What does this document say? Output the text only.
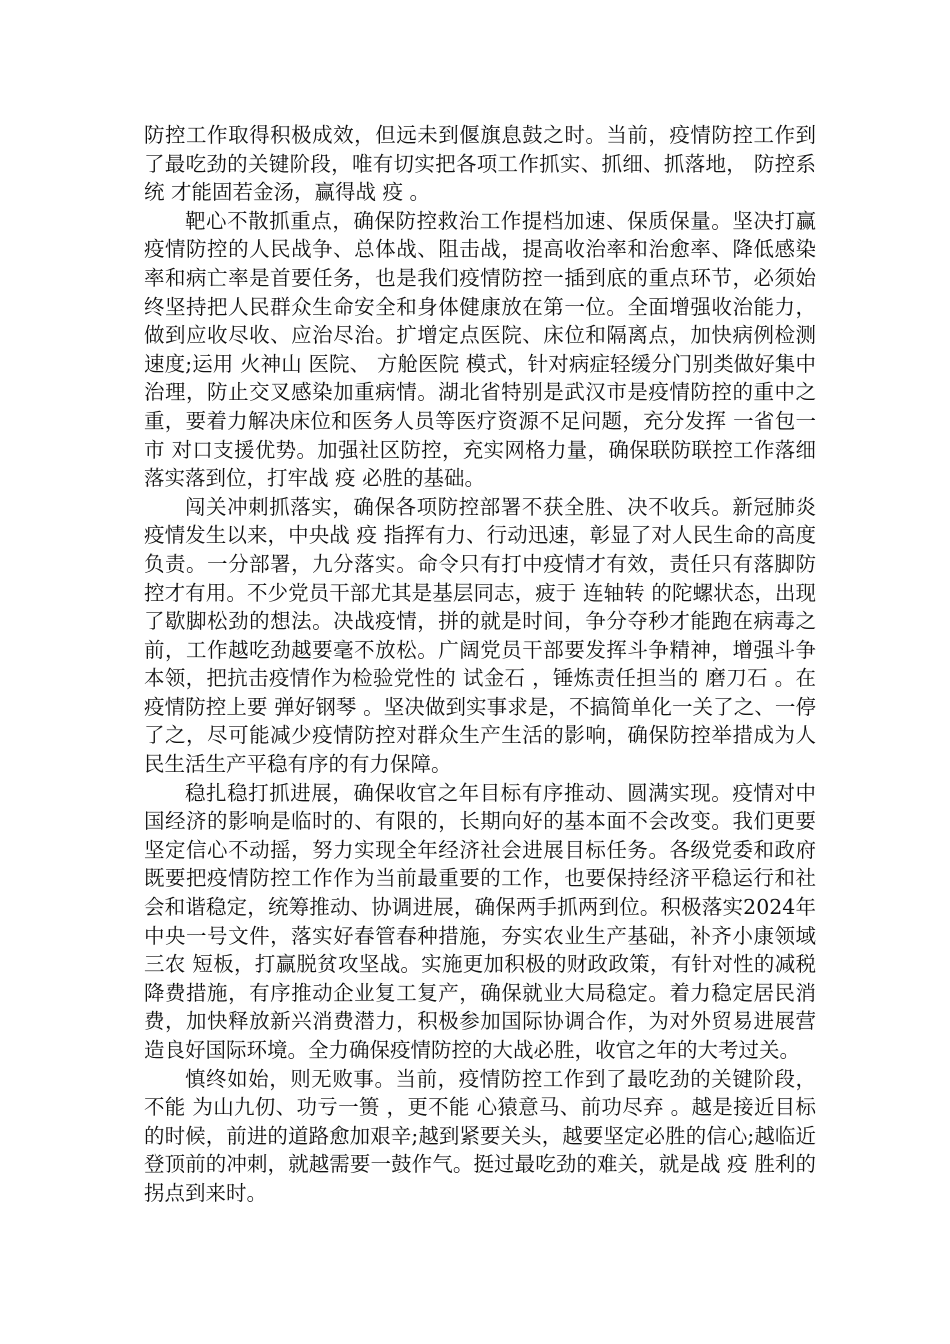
防控工作取得积极成效，但远未到偃旗息鼓之时。当前，疫情防控工作到了最吃劲的关键阶段，唯有切实把各项工作抓实、抓细、抓落地， 防控系统 才能固若金汤，赢得战 疫 。

靶心不散抓重点，确保防控救治工作提档加速、保质保量。坚决打赢疫情防控的人民战争、总体战、阻击战，提高收治率和治愈率、降低感染率和病亡率是首要任务，也是我们疫情防控一插到底的重点环节，必须始终坚持把人民群众生命安全和身体健康放在第一位。全面增强收治能力，做到应收尽收、应治尽治。扩增定点医院、床位和隔离点，加快病例检测速度;运用 火神山 医院、 方舱医院 模式，针对病症轻缓分门别类做好集中治理，防止交叉感染加重病情。湖北省特别是武汉市是疫情防控的重中之重，要着力解决床位和医务人员等医疗资源不足问题，充分发挥 一省包一市 对口支援优势。加强社区防控，充实网格力量，确保联防联控工作落细落实落到位，打牢战 疫 必胜的基础。

闯关冲刺抓落实，确保各项防控部署不获全胜、决不收兵。新冠肺炎疫情发生以来，中央战 疫 指挥有力、行动迅速，彰显了对人民生命的高度负责。一分部署，九分落实。命令只有打中疫情才有效，责任只有落脚防控才有用。不少党员干部尤其是基层同志，疲于 连轴转 的陀螺状态，出现了歇脚松劲的想法。决战疫情，拼的就是时间，争分夺秒才能跑在病毒之前，工作越吃劲越要毫不放松。广阔党员干部要发挥斗争精神，增强斗争本领，把抗击疫情作为检验党性的 试金石 ，锤炼责任担当的 磨刀石 。在疫情防控上要 弹好钢琴 。坚决做到实事求是，不搞简单化一关了之、一停了之，尽可能减少疫情防控对群众生产生活的影响，确保防控举措成为人民生活生产平稳有序的有力保障。

稳扎稳打抓进展，确保收官之年目标有序推动、圆满实现。疫情对中国经济的影响是临时的、有限的，长期向好的基本面不会改变。我们更要坚定信心不动摇，努力实现全年经济社会进展目标任务。各级党委和政府既要把疫情防控工作作为当前最重要的工作，也要保持经济平稳运行和社会和谐稳定，统筹推动、协调进展，确保两手抓两到位。积极落实2024年中央一号文件，落实好春管春种措施，夯实农业生产基础，补齐小康领域 三农 短板，打赢脱贫攻坚战。实施更加积极的财政政策，有针对性的减税降费措施，有序推动企业复工复产，确保就业大局稳定。着力稳定居民消费，加快释放新兴消费潜力，积极参加国际协调合作，为对外贸易进展营造良好国际环境。全力确保疫情防控的大战必胜，收官之年的大考过关。

慎终如始，则无败事。当前，疫情防控工作到了最吃劲的关键阶段，不能 为山九仞、功亏一篑 ，更不能 心猿意马、前功尽弃 。越是接近目标的时候，前进的道路愈加艰辛;越到紧要关头，越要坚定必胜的信心;越临近登顶前的冲刺，就越需要一鼓作气。挺过最吃劲的难关，就是战 疫 胜利的拐点到来时。
